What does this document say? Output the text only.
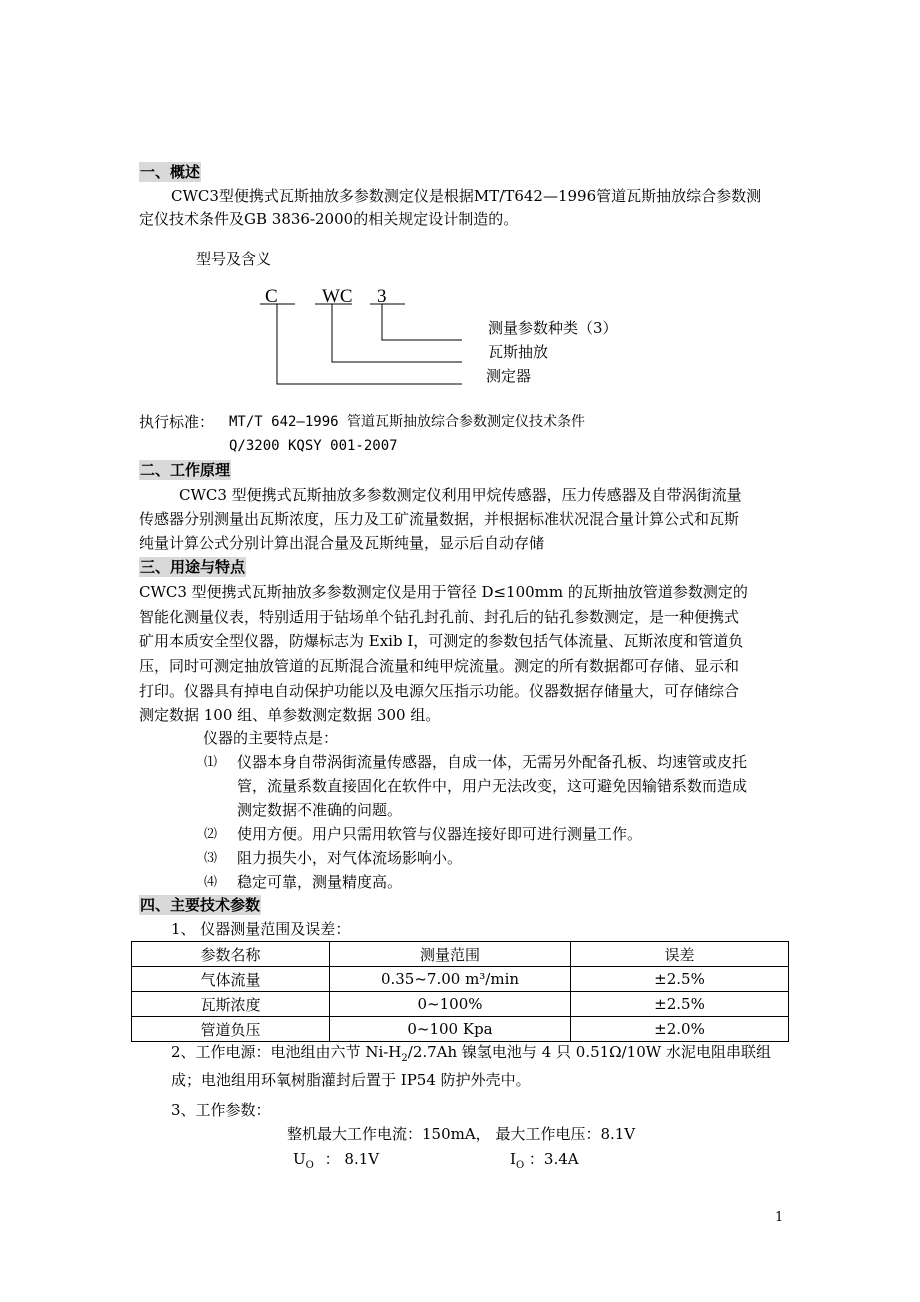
一、概述
CWC3型便携式瓦斯抽放多参数测定仪是根据MT/T642—1996管道瓦斯抽放综合参数测
定仪技术条件及GB 3836-2000的相关规定设计制造的。
型号及含义
C WC 3
测量参数种类（3）
瓦斯抽放
测定器
执行标准： MT/T 642—1996 管道瓦斯抽放综合参数测定仪技术条件
Q/3200 KQSY 001-2007
二、工作原理
CWC3 型便携式瓦斯抽放多参数测定仪利用甲烷传感器，压力传感器及自带涡街流量
传感器分别测量出瓦斯浓度，压力及工矿流量数据，并根据标准状况混合量计算公式和瓦斯
纯量计算公式分别计算出混合量及瓦斯纯量，显示后自动存储
三、用途与特点
CWC3 型便携式瓦斯抽放多参数测定仪是用于管径 D≤100mm 的瓦斯抽放管道参数测定的
智能化测量仪表，特别适用于钻场单个钻孔封孔前、封孔后的钻孔参数测定，是一种便携式
矿用本质安全型仪器，防爆标志为 Exib I，可测定的参数包括气体流量、瓦斯浓度和管道负
压，同时可测定抽放管道的瓦斯混合流量和纯甲烷流量。测定的所有数据都可存储、显示和
打印。仪器具有掉电自动保护功能以及电源欠压指示功能。仪器数据存储量大，可存储综合
测定数据 100 组、单参数测定数据 300 组。
仪器的主要特点是：
⑴ 仪器本身自带涡街流量传感器，自成一体，无需另外配备孔板、均速管或皮托
管，流量系数直接固化在软件中，用户无法改变，这可避免因输错系数而造成
测定数据不准确的问题。
⑵ 使用方便。用户只需用软管与仪器连接好即可进行测量工作。
⑶ 阻力损失小，对气体流场影响小。
⑷ 稳定可靠，测量精度高。
四、主要技术参数
1、 仪器测量范围及误差：
参数名称	测量范围	误差
气体流量	0.35~7.00 m³/min	±2.5%
瓦斯浓度	0~100%	±2.5%
管道负压	0~100 Kpa	±2.0%
2、工作电源：电池组由六节 $Ni-H_2/2.7Ah$ 镍氢电池与 4 只 0.51Ω/10W 水泥电阻串联组
成；电池组用环氧树脂灌封后置于 IP54 防护外壳中。
3、工作参数：
整机最大工作电流：150mA， 最大工作电压：8.1V
$U_O$ ： 8.1V	$I_O$ ：3.4A
1
